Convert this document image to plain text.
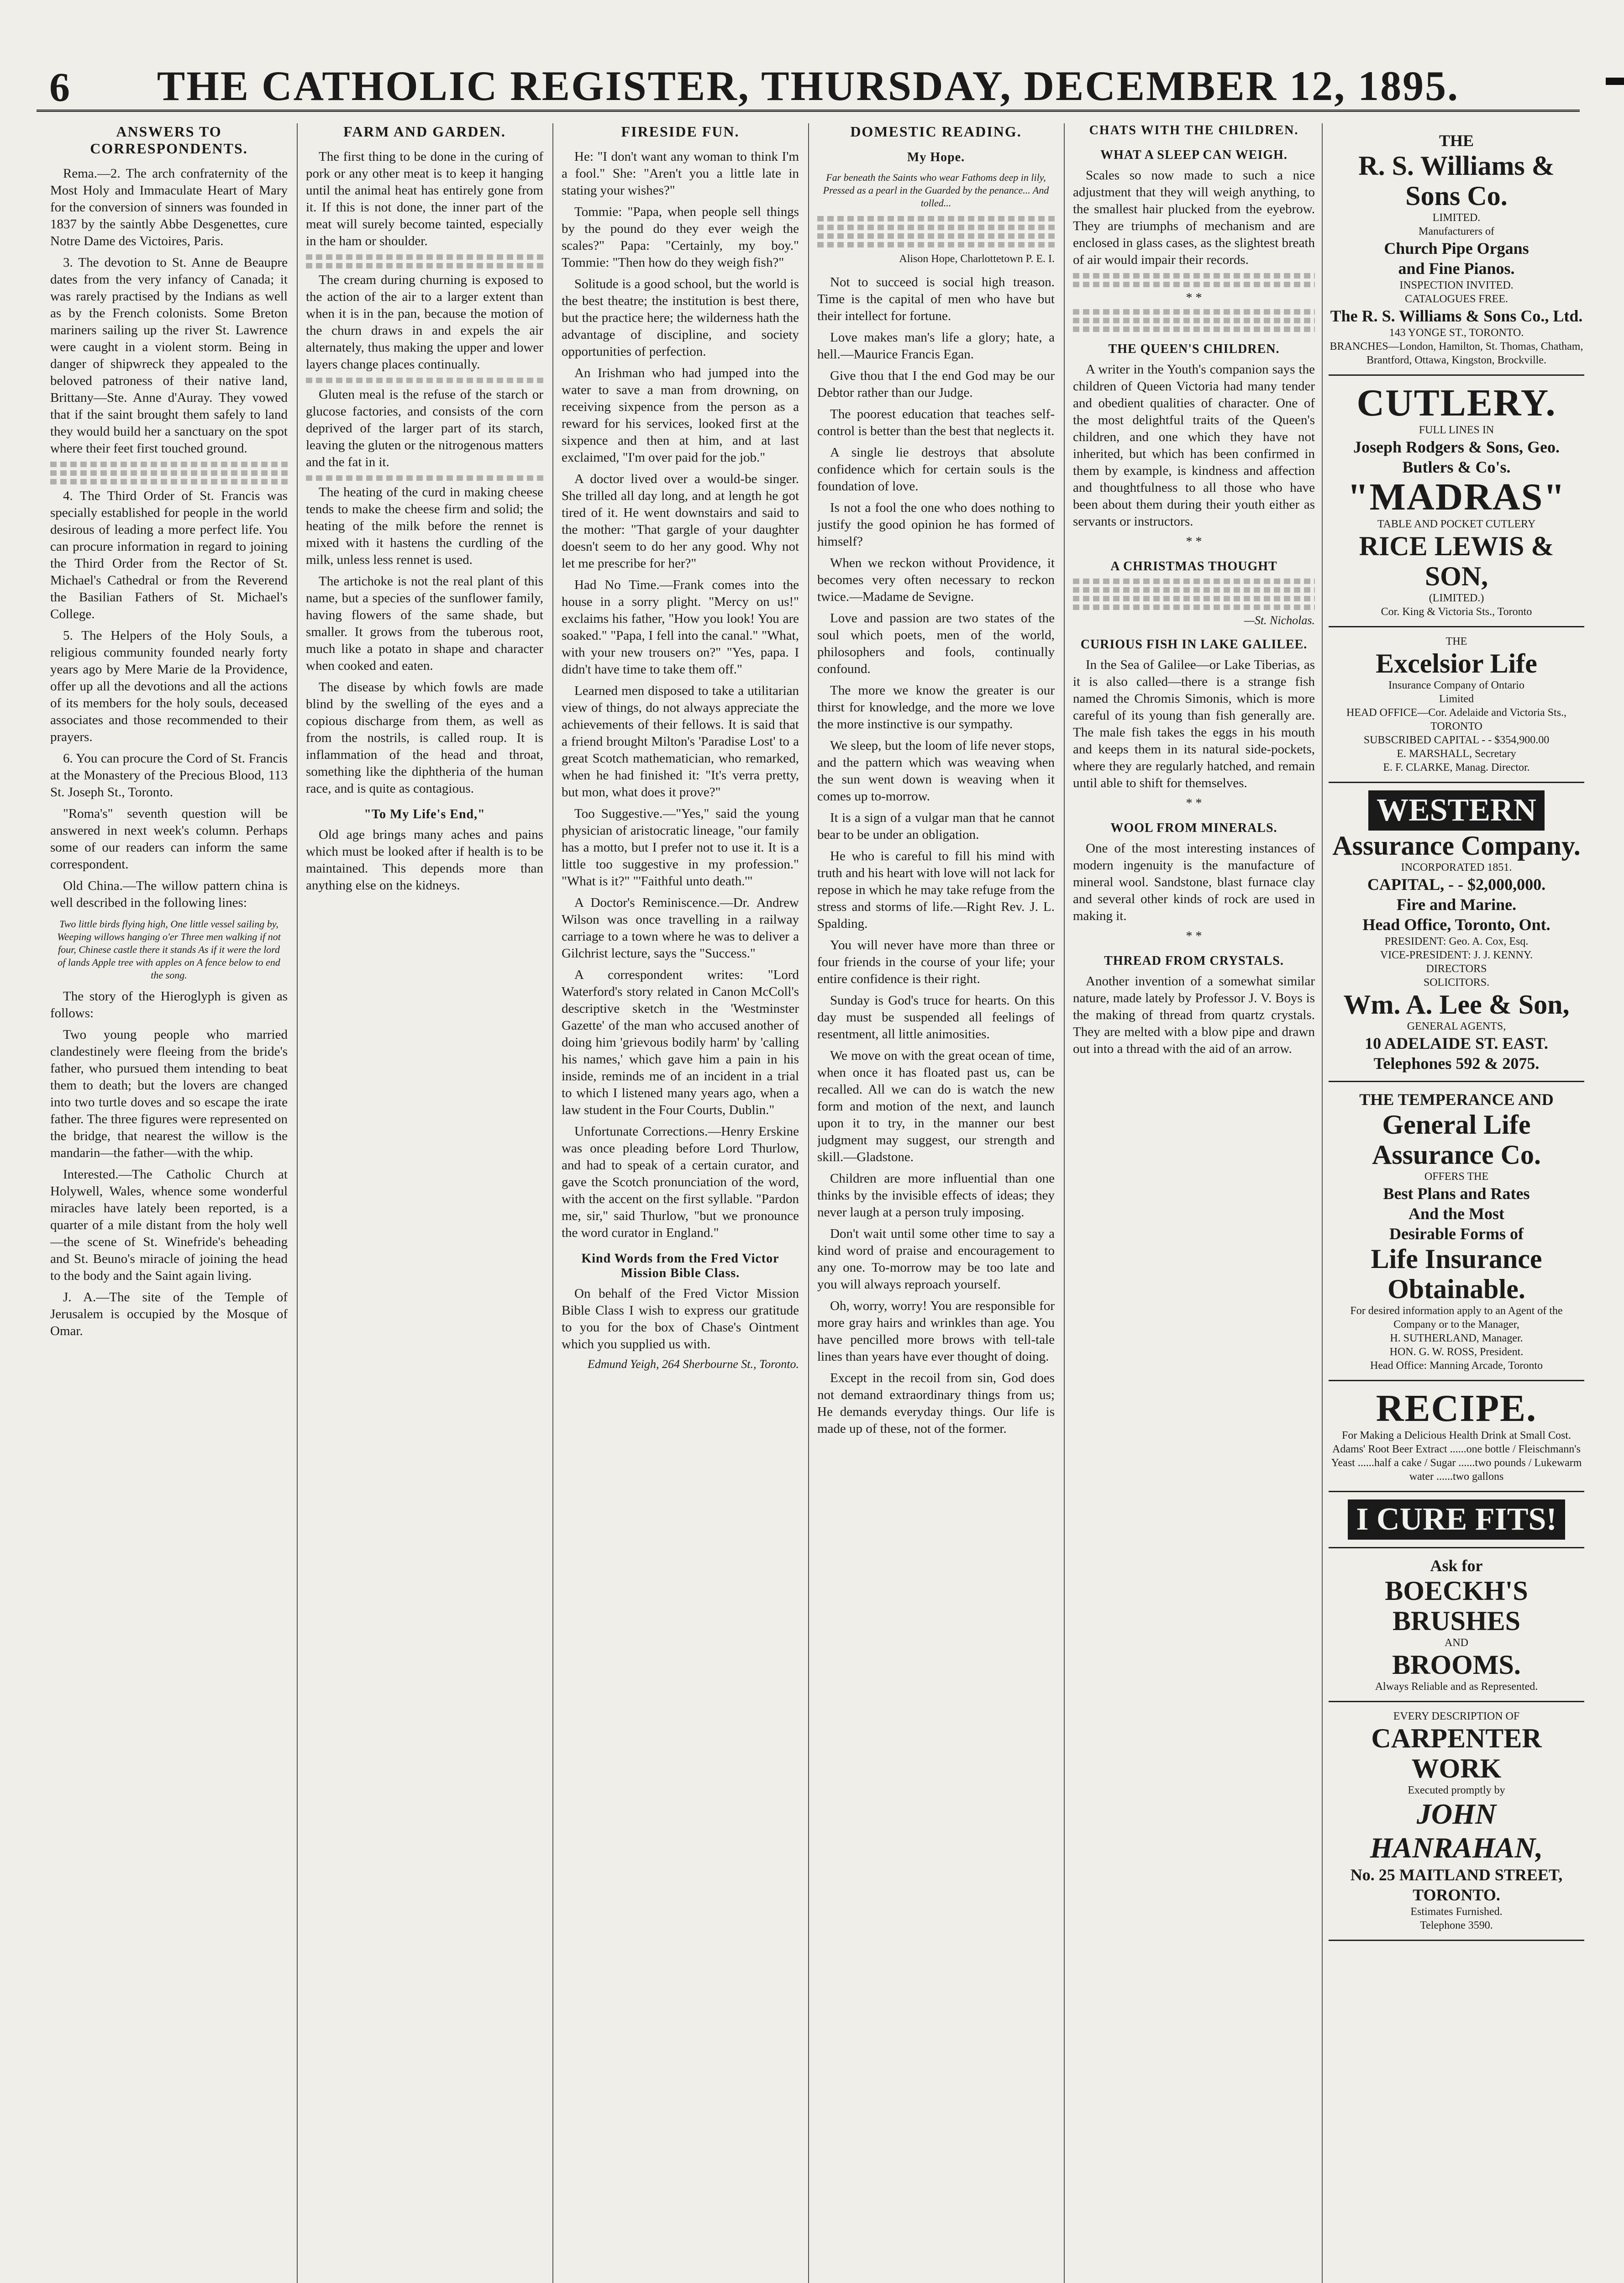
6	THE CATHOLIC REGISTER, THURSDAY, DECEMBER 12, 1895.
ANSWERS TO CORRESPONDENTS.

Rema.—2. The arch confraternity of the Most Holy and Immaculate Heart of Mary for the conversion of sinners was founded in 1837 by the saintly Abbe Desgenettes, cure Notre Dame des Victoires, Paris.

3. The devotion to St. Anne de Beaupre dates from the very infancy of Canada; it was rarely practised by the Indians as well as by the French colonists. Some Breton mariners sailing up the river St. Lawrence were caught in a violent storm. Being in danger of shipwreck they appealed to the beloved patroness of their native land, Brittany—Ste. Anne d'Auray. They vowed that if the saint brought them safely to land they would build her a sanctuary on the spot where their feet first touched ground.

4. The Third Order of St. Francis was specially established for people in the world desirous of leading a more perfect life. You can procure information in regard to joining the Third Order from the Rector of St. Michael's Cathedral or from the Reverend the Basilian Fathers of St. Michael's College.

5. The Helpers of the Holy Souls, a religious community founded nearly forty years ago by Mere Marie de la Providence, offer up all the devotions and all the actions of its members for the holy souls, deceased associates and those recommended to their prayers.

6. You can procure the Cord of St. Francis at the Monastery of the Precious Blood, 113 St. Joseph St., Toronto.

"Roma's" seventh question will be answered in next week's column. Perhaps some of our readers can inform the same correspondent.

Old China.—The willow pattern china is well described in the following lines:

Two little birds flying high, One little vessel sailing by, Weeping willows hanging o'er Three men walking if not four, Chinese castle there it stands As if it were the lord of lands Apple tree with apples on A fence below to end the song.

The story of the Hieroglyph is given as follows:

Two young people who married clandestinely were fleeing from the bride's father, who pursued them intending to beat them to death; but the lovers are changed into two turtle doves and so escape the irate father. The three figures were represented on the bridge, that nearest the willow is the mandarin—the father—with the whip.

Interested.—The Catholic Church at Holywell, Wales, whence some wonderful miracles have lately been reported, is a quarter of a mile distant from the holy well—the scene of St. Winefride's beheading and St. Beuno's miracle of joining the head to the body and the Saint again living.

J. A.—The site of the Temple of Jerusalem is occupied by the Mosque of Omar.

FARM AND GARDEN.

The first thing to be done in the curing of pork or any other meat is to keep it hanging until the animal heat has entirely gone from it. If this is not done, the inner part of the meat will surely become tainted, especially in the ham or shoulder.

The cream during churning is exposed to the action of the air to a larger extent than when it is in the pan, because the motion of the churn draws in and expels the air alternately, thus making the upper and lower layers change places continually.

Gluten meal is the refuse of the starch or glucose factories, and consists of the corn deprived of the larger part of its starch, leaving the gluten or the nitrogenous matters and the fat in it.

The heating of the curd in making cheese tends to make the cheese firm and solid; the heating of the milk before the rennet is mixed with it hastens the curdling of the milk, unless less rennet is used.

The artichoke is not the real plant of this name, but a species of the sunflower family, having flowers of the same shade, but smaller. It grows from the tuberous root, much like a potato in shape and character when cooked and eaten.

The disease by which fowls are made blind by the swelling of the eyes and a copious discharge from them, as well as from the nostrils, is called roup. It is inflammation of the head and throat, something like the diphtheria of the human race, and is quite as contagious.

"To My Life's End,"

Old age brings many aches and pains which must be looked after if health is to be maintained. This depends more than anything else on the kidneys.

FIRESIDE FUN.

He: "I don't want any woman to think I'm a fool." She: "Aren't you a little late in stating your wishes?"

Tommie: "Papa, when people sell things by the pound do they ever weigh the scales?" Papa: "Certainly, my boy." Tommie: "Then how do they weigh fish?"

Solitude is a good school, but the world is the best theatre; the institution is best there, but the practice here; the wilderness hath the advantage of discipline, and society opportunities of perfection.

An Irishman who had jumped into the water to save a man from drowning, on receiving sixpence from the person as a reward for his services, looked first at the sixpence and then at him, and at last exclaimed, "I'm over paid for the job."

A doctor lived over a would-be singer. She trilled all day long, and at length he got tired of it. He went downstairs and said to the mother: "That gargle of your daughter doesn't seem to do her any good. Why not let me prescribe for her?"

Had No Time.—Frank comes into the house in a sorry plight. "Mercy on us!" exclaims his father, "How you look! You are soaked." "Papa, I fell into the canal." "What, with your new trousers on?" "Yes, papa. I didn't have time to take them off."

Learned men disposed to take a utilitarian view of things, do not always appreciate the achievements of their fellows. It is said that a friend brought Milton's 'Paradise Lost' to a great Scotch mathematician, who remarked, when he had finished it: "It's verra pretty, but mon, what does it prove?"

Too Suggestive.—"Yes," said the young physician of aristocratic lineage, "our family has a motto, but I prefer not to use it. It is a little too suggestive in my profession." "What is it?" "'Faithful unto death.'"

A Doctor's Reminiscence.—Dr. Andrew Wilson was once travelling in a railway carriage to a town where he was to deliver a Gilchrist lecture, says the "Success."

A correspondent writes: "Lord Waterford's story related in Canon McColl's descriptive sketch in the 'Westminster Gazette' of the man who accused another of doing him 'grievous bodily harm' by 'calling his names,' which gave him a pain in his inside, reminds me of an incident in a trial to which I listened many years ago, when a law student in the Four Courts, Dublin."

Unfortunate Corrections.—Henry Erskine was once pleading before Lord Thurlow, and had to speak of a certain curator, and gave the Scotch pronunciation of the word, with the accent on the first syllable. "Pardon me, sir," said Thurlow, "but we pronounce the word curator in England."

Kind Words from the Fred Victor Mission Bible Class.

On behalf of the Fred Victor Mission Bible Class I wish to express our gratitude to you for the box of Chase's Ointment which you supplied us with.

Edmund Yeigh, 264 Sherbourne St., Toronto.
DOMESTIC READING.
My Hope.
Far beneath the Saints who wear Fathoms deep in lily, Pressed as a pearl in the Guarded by the penance... And tolled...

Alison Hope, Charlottetown P. E. I.

Not to succeed is social high treason. Time is the capital of men who have but their intellect for fortune.

Love makes man's life a glory; hate, a hell.—Maurice Francis Egan.

Give thou that I the end God may be our Debtor rather than our Judge.

The poorest education that teaches self-control is better than the best that neglects it.

A single lie destroys that absolute confidence which for certain souls is the foundation of love.

Is not a fool the one who does nothing to justify the good opinion he has formed of himself?

When we reckon without Providence, it becomes very often necessary to reckon twice.—Madame de Sevigne.

Love and passion are two states of the soul which poets, men of the world, philosophers and fools, continually confound.

The more we know the greater is our thirst for knowledge, and the more we love the more instinctive is our sympathy.

We sleep, but the loom of life never stops, and the pattern which was weaving when the sun went down is weaving when it comes up to-morrow.

It is a sign of a vulgar man that he cannot bear to be under an obligation.

He who is careful to fill his mind with truth and his heart with love will not lack for repose in which he may take refuge from the stress and storms of life.—Right Rev. J. L. Spalding.

You will never have more than three or four friends in the course of your life; your entire confidence is their right.

Sunday is God's truce for hearts. On this day must be suspended all feelings of resentment, all little animosities.

We move on with the great ocean of time, when once it has floated past us, can be recalled. All we can do is watch the new form and motion of the next, and launch upon it to try, in the manner our best judgment may suggest, our strength and skill.—Gladstone.

Children are more influential than one thinks by the invisible effects of ideas; they never laugh at a person truly imposing.

Don't wait until some other time to say a kind word of praise and encouragement to any one. To-morrow may be too late and you will always reproach yourself.

Oh, worry, worry! You are responsible for more gray hairs and wrinkles than age. You have pencilled more brows with tell-tale lines than years have ever thought of doing.

Except in the recoil from sin, God does not demand extraordinary things from us; He demands everyday things. Our life is made up of these, not of the former.

CHATS WITH THE CHILDREN.
WHAT A SLEEP CAN WEIGH.

Scales so now made to such a nice adjustment that they will weigh anything, to the smallest hair plucked from the eyebrow. They are triumphs of mechanism and are enclosed in glass cases, as the slightest breath of air would impair their records.

* *
THE QUEEN'S CHILDREN.

A writer in the Youth's companion says the children of Queen Victoria had many tender and obedient qualities of character. One of the most delightful traits of the Queen's children, and one which they have not inherited, but which has been confirmed in them by example, is kindness and affection and thoughtfulness to all those who have been about them during their youth either as servants or instructors.

* *
A CHRISTMAS THOUGHT
—St. Nicholas.
CURIOUS FISH IN LAKE GALILEE.

In the Sea of Galilee—or Lake Tiberias, as it is also called—there is a strange fish named the Chromis Simonis, which is more careful of its young than fish generally are. The male fish takes the eggs in his mouth and keeps them in its natural side-pockets, where they are regularly hatched, and remain until able to shift for themselves.

* *
WOOL FROM MINERALS.

One of the most interesting instances of modern ingenuity is the manufacture of mineral wool. Sandstone, blast furnace clay and several other kinds of rock are used in making it.

* *
THREAD FROM CRYSTALS.

Another invention of a somewhat similar nature, made lately by Professor J. V. Boys is the making of thread from quartz crystals. They are melted with a blow pipe and drawn out into a thread with the aid of an arrow.

THE
R. S. Williams & Sons Co.
LIMITED.
Manufacturers of
Church Pipe Organs
and Fine Pianos.
INSPECTION INVITED.
CATALOGUES FREE.
The R. S. Williams & Sons Co., Ltd.
143 YONGE ST., TORONTO.
BRANCHES—London, Hamilton, St. Thomas, Chatham, Brantford, Ottawa, Kingston, Brockville.
CUTLERY.
FULL LINES IN
Joseph Rodgers & Sons, Geo. Butlers & Co's.
"MADRAS"
TABLE AND POCKET CUTLERY
RICE LEWIS & SON,
(LIMITED.)
Cor. King & Victoria Sts., Toronto
THE
Excelsior Life
Insurance Company of Ontario
Limited
HEAD OFFICE—Cor. Adelaide and Victoria Sts., TORONTO
SUBSCRIBED CAPITAL - - $354,900.00
E. MARSHALL, Secretary
E. F. CLARKE, Manag. Director.
WESTERN
Assurance Company.
INCORPORATED 1851.
CAPITAL, - - $2,000,000.
Fire and Marine.
Head Office, Toronto, Ont.
PRESIDENT: Geo. A. Cox, Esq.
VICE-PRESIDENT: J. J. KENNY.
DIRECTORS
SOLICITORS.
Wm. A. Lee & Son,
GENERAL AGENTS,
10 ADELAIDE ST. EAST.
Telephones 592 & 2075.
THE TEMPERANCE AND
General Life Assurance Co.
OFFERS THE
Best Plans and Rates
And the Most
Desirable Forms of
Life Insurance Obtainable.
For desired information apply to an Agent of the Company or to the Manager,
H. SUTHERLAND, Manager.
HON. G. W. ROSS, President.
Head Office: Manning Arcade, Toronto
RECIPE.
For Making a Delicious Health Drink at Small Cost.
Adams' Root Beer Extract ......one bottle / Fleischmann's Yeast ......half a cake / Sugar ......two pounds / Lukewarm water ......two gallons
I CURE FITS!
Ask for
BOECKH'S BRUSHES
AND
BROOMS.
Always Reliable and as Represented.
EVERY DESCRIPTION OF
CARPENTER WORK
Executed promptly by
JOHN HANRAHAN,
No. 25 MAITLAND STREET,
TORONTO.
Estimates Furnished.
Telephone 3590.
